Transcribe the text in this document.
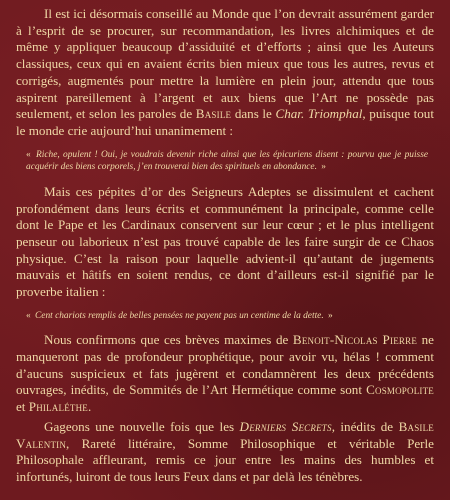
Il est ici désormais conseillé au Monde que l’on devrait assurément garder à l’esprit de se procurer, sur recommandation, les livres alchimiques et de même y appliquer beaucoup d’assiduité et d’efforts ; ainsi que les Auteurs classiques, ceux qui en avaient écrits bien mieux que tous les autres, revus et corrigés, augmentés pour mettre la lumière en plein jour, attendu que tous aspirent pareillement à l’argent et aux biens que l’Art ne possède pas seulement, et selon les paroles de Basile dans le Char. Triomphal, puisque tout le monde crie aujourd’hui unanimement :

« Riche, opulent ! Oui, je voudrais devenir riche ainsi que les épicuriens disent : pourvu que je puisse acquérir des biens corporels, j’en trouverai bien des spirituels en abondance. »

Mais ces pépites d’or des Seigneurs Adeptes se dissimulent et cachent profondément dans leurs écrits et communément la principale, comme celle dont le Pape et les Cardinaux conservent sur leur cœur ; et le plus intelligent penseur ou laborieux n’est pas trouvé capable de les faire surgir de ce Chaos physique. C’est la raison pour laquelle advient-il qu’autant de jugements mauvais et hâtifs en soient rendus, ce dont d’ailleurs est-il signifié par le proverbe italien :

« Cent chariots remplis de belles pensées ne payent pas un centime de la dette. »

Nous confirmons que ces brèves maximes de Benoit-Nicolas Pierre ne manqueront pas de profondeur prophétique, pour avoir vu, hélas ! comment d’aucuns suspicieux et fats jugèrent et condamnèrent les deux précédents ouvrages, inédits, de Sommités de l’Art Hermétique comme sont Cosmopolite et Philaléthe.

Gageons une nouvelle fois que les Derniers Secrets, inédits de Basile Valentin, Rareté littéraire, Somme Philosophique et véritable Perle Philosophale affleurant, remis ce jour entre les mains des humbles et infortunés, luiront de tous leurs Feux dans et par delà les ténèbres.
